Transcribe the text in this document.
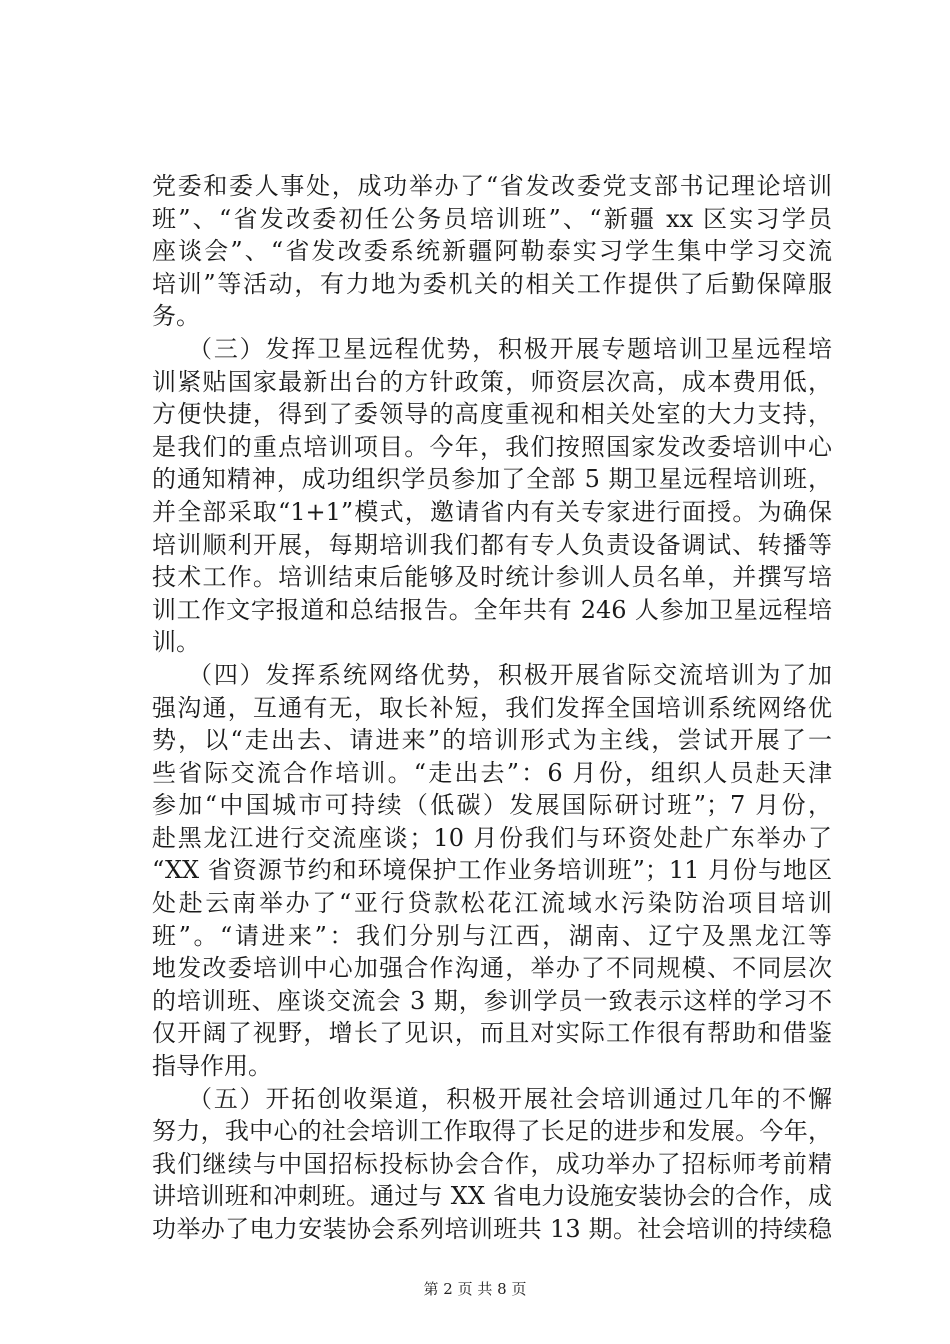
党委和委人事处，成功举办了“省发改委党支部书记理论培训
班”、“省发改委初任公务员培训班”、“新疆 xx 区实习学员
座谈会”、“省发改委系统新疆阿勒泰实习学生集中学习交流
培训”等活动，有力地为委机关的相关工作提供了后勤保障服
务。
（三）发挥卫星远程优势，积极开展专题培训卫星远程培
训紧贴国家最新出台的方针政策，师资层次高，成本费用低，
方便快捷，得到了委领导的高度重视和相关处室的大力支持，
是我们的重点培训项目。今年，我们按照国家发改委培训中心
的通知精神，成功组织学员参加了全部 5 期卫星远程培训班，
并全部采取“1+1”模式，邀请省内有关专家进行面授。为确保
培训顺利开展，每期培训我们都有专人负责设备调试、转播等
技术工作。培训结束后能够及时统计参训人员名单，并撰写培
训工作文字报道和总结报告。全年共有 246 人参加卫星远程培
训。
（四）发挥系统网络优势，积极开展省际交流培训为了加
强沟通，互通有无，取长补短，我们发挥全国培训系统网络优
势，以“走出去、请进来”的培训形式为主线，尝试开展了一
些省际交流合作培训。“走出去”：6 月份，组织人员赴天津
参加“中国城市可持续（低碳）发展国际研讨班”；7 月份，
赴黑龙江进行交流座谈；10 月份我们与环资处赴广东举办了
“XX 省资源节约和环境保护工作业务培训班”；11 月份与地区
处赴云南举办了“亚行贷款松花江流域水污染防治项目培训
班”。“请进来”：我们分别与江西，湖南、辽宁及黑龙江等
地发改委培训中心加强合作沟通，举办了不同规模、不同层次
的培训班、座谈交流会 3 期，参训学员一致表示这样的学习不
仅开阔了视野，增长了见识，而且对实际工作很有帮助和借鉴
指导作用。
（五）开拓创收渠道，积极开展社会培训通过几年的不懈
努力，我中心的社会培训工作取得了长足的进步和发展。今年，
我们继续与中国招标投标协会合作，成功举办了招标师考前精
讲培训班和冲刺班。通过与 XX 省电力设施安装协会的合作，成
功举办了电力安装协会系列培训班共 13 期。社会培训的持续稳
第 2 页 共 8 页
